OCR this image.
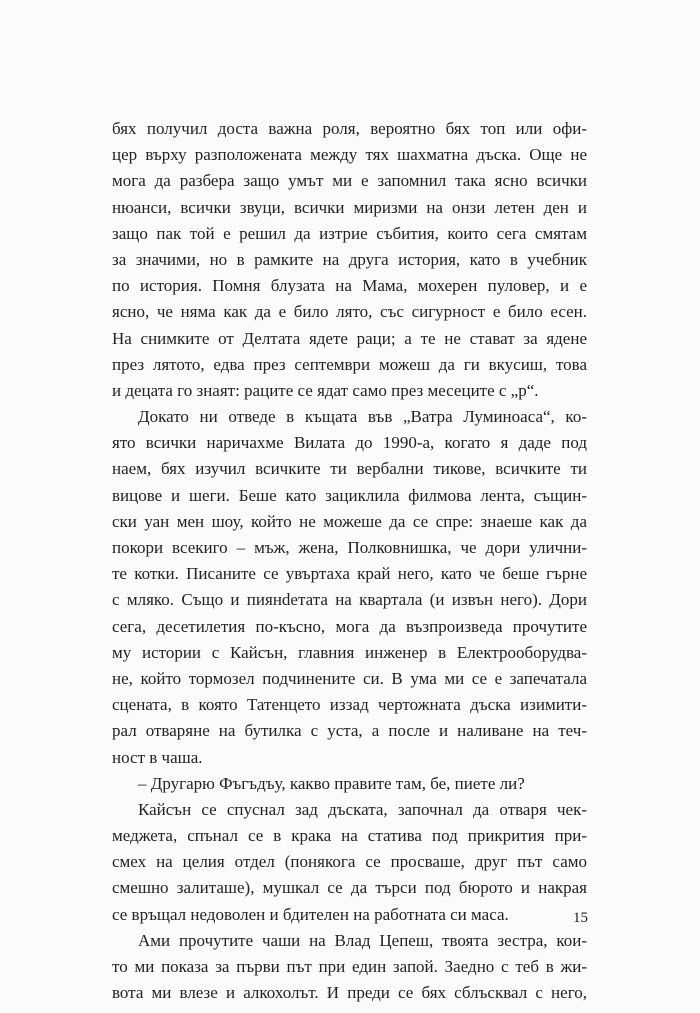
бях получил доста важна роля, вероятно бях топ или офи-
цер върху разположената между тях шахматна дъска. Още не
мога да разбера защо умът ми е запомнил така ясно всички
нюанси, всички звуци, всички миризми на онзи летен ден и
защо пак той е решил да изтрие събития, които сега смятам
за значими, но в рамките на друга история, като в учебник
по история. Помня блузата на Мама, мохерен пуловер, и е
ясно, че няма как да е било лято, със сигурност е било есен.
На снимките от Делтата ядете раци; а те не стават за ядене
през лятото, едва през септември можеш да ги вкусиш, това
и децата го знаят: раците се ядат само през месеците с „р“.
Докато ни отведе в къщата във „Ватра Луминоаса“, ко-
ято всички наричахме Вилата до 1990-а, когато я даде под
наем, бях изучил всичките ти вербални тикове, всичките ти
вицове и шеги. Беше като зациклила филмова лента, същин-
ски уан мен шоу, който не можеше да се спре: знаеше как да
покори всекиго – мъж, жена, Полковнишка, че дори улични-
те котки. Писаните се увъртаха край него, като че беше гърне
с мляко. Също и пиянdeтата на квартала (и извън него). Дори
сега, десетилетия по-късно, мога да възпроизведа прочутите
му истории с Кайсън, главния инженер в Електрооборудва-
не, който тормозел подчинените си. В ума ми се е запечатала
сцената, в която Татенцето иззад чертожната дъска изимити-
рал отваряне на бутилка с уста, а после и наливане на теч-
ност в чаша.
– Другарю Фъгъдъу, какво правите там, бе, пиете ли?
Кайсън се спуснал зад дъската, започнал да отваря чек-
меджета, спънал се в крака на статива под прикрития при-
смех на целия отдел (понякога се просваше, друг път само
смешно залиташе), мушкал се да търси под бюрото и накрая
се връщал недоволен и бдителен на работната си маса.
Ами прочутите чаши на Влад Цепеш, твоята зестра, кои-
то ми показа за първи път при един запой. Заедно с теб в жи-
вота ми влезе и алкохолът. И преди се бях сблъсквал с него,
15
